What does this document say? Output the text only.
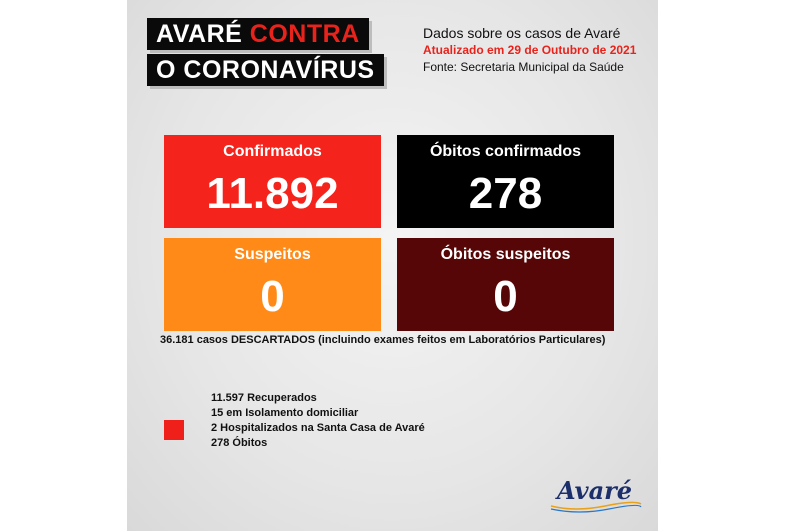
AVARÉ CONTRA
O CORONAVÍRUS
Dados sobre os casos de Avaré
Atualizado em 29 de Outubro de 2021
Fonte: Secretaria Municipal da Saúde
Confirmados
11.892
Óbitos confirmados
278
Suspeitos
0
Óbitos suspeitos
0
36.181 casos DESCARTADOS (incluindo exames feitos em Laboratórios Particulares)
11.597 Recuperados
15 em Isolamento domiciliar
2 Hospitalizados na Santa Casa de Avaré
278 Óbitos
Avaré
